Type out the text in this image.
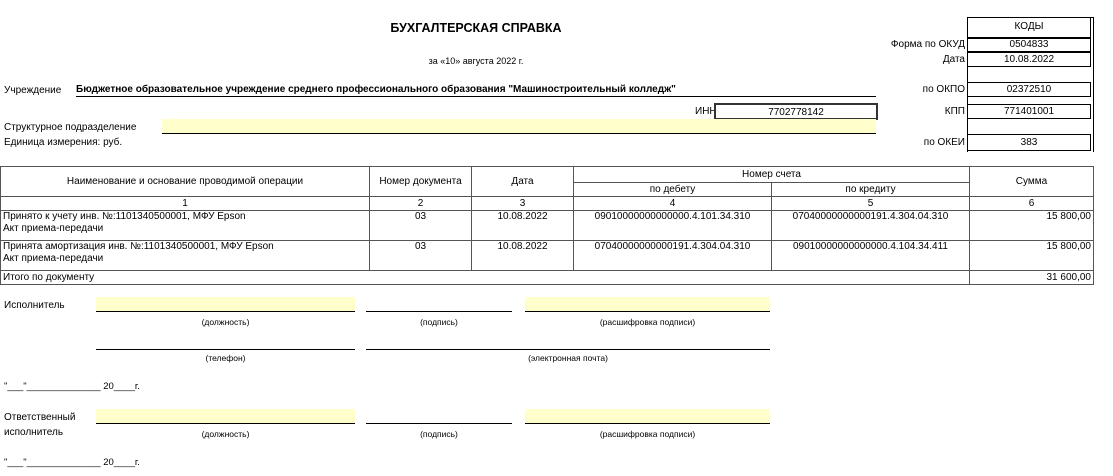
БУХГАЛТЕРСКАЯ СПРАВКА
за «10» августа 2022 г.
КОДЫ
Форма по ОКУД	0504833
Дата	10.08.2022
по ОКПО	02372510
КПП	771401001
по ОКЕИ	383
Учреждение Бюджетное образовательное учреждение среднего профессионального образования "Машиностроительный колледж"
ИНН	7702778142
Структурное подразделение
Единица измерения: руб.
Наименование и основание проводимой операции	Номер документа	Дата	Номер счета		Сумма
			по дебету	по кредиту	
1	2	3	4	5	6

Принято к учету инв. №:1101340500001, МФУ Epson
Акт приема-передачи	03	10.08.2022	09010000000000000.4.101.34.310	07040000000000191.4.304.04.310	15 800,00

Принята амортизация инв. №:1101340500001, МФУ Epson
Акт приема-передачи	03	10.08.2022	07040000000000191.4.304.04.310	09010000000000000.4.104.34.411	15 800,00
Итого по документу					31 600,00
Исполнитель
(должность)	(подпись)	(расшифровка подписи)
(телефон)	(электронная почта)
"___"______________ 20____г.
Ответственный
исполнитель	(должность)	(подпись)	(расшифровка подписи)
"___"______________ 20____г.
